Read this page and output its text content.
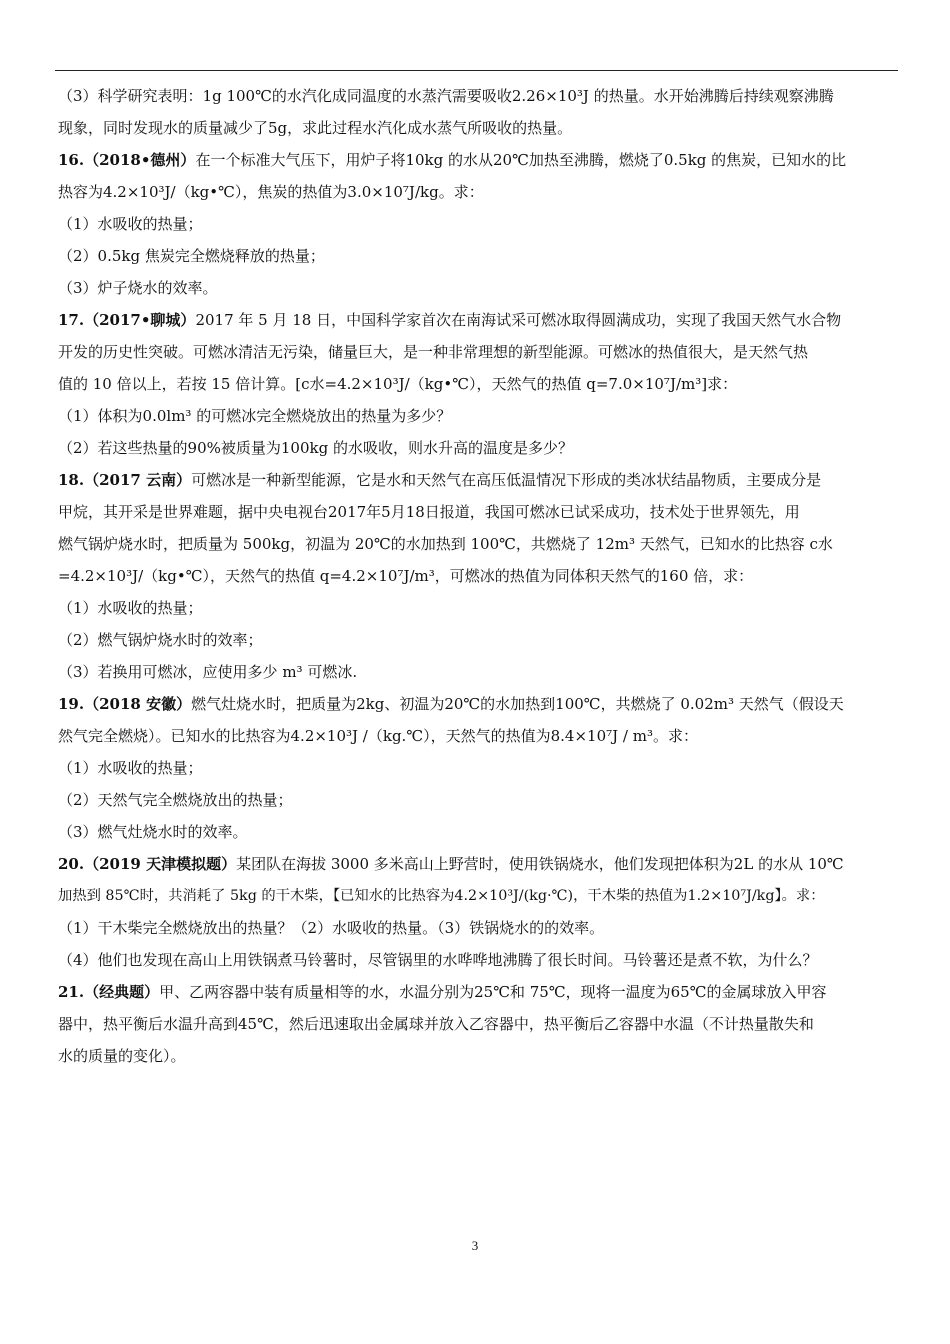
（3）科学研究表明：1g 100℃的水汽化成同温度的水蒸汽需要吸收2.26×10³J 的热量。水开始沸腾后持续观察沸腾
现象，同时发现水的质量减少了5g，求此过程水汽化成水蒸气所吸收的热量。
16.（2018•德州）在一个标准大气压下，用炉子将10kg 的水从20℃加热至沸腾，燃烧了0.5kg 的焦炭，已知水的比
热容为4.2×10³J/（kg•℃），焦炭的热值为3.0×10⁷J/kg。求：
（1）水吸收的热量；
（2）0.5kg 焦炭完全燃烧释放的热量；
（3）炉子烧水的效率。
17.（2017•聊城）2017 年 5 月 18 日，中国科学家首次在南海试采可燃冰取得圆满成功，实现了我国天然气水合物
开发的历史性突破。可燃冰清洁无污染，储量巨大，是一种非常理想的新型能源。可燃冰的热值很大，是天然气热
值的 10 倍以上，若按 15 倍计算。[c水=4.2×10³J/（kg•℃），天然气的热值 q=7.0×10⁷J/m³]求：
（1）体积为0.0lm³ 的可燃冰完全燃烧放出的热量为多少？
（2）若这些热量的90%被质量为100kg 的水吸收，则水升高的温度是多少？
18.（2017 云南）可燃冰是一种新型能源，它是水和天然气在高压低温情况下形成的类冰状结晶物质，主要成分是
甲烷，其开采是世界难题，据中央电视台2017年5月18日报道，我国可燃冰已试采成功，技术处于世界领先，用
燃气锅炉烧水时，把质量为 500kg，初温为 20℃的水加热到 100℃，共燃烧了 12m³ 天然气，已知水的比热容 c水
=4.2×10³J/（kg•℃），天然气的热值 q=4.2×10⁷J/m³，可燃冰的热值为同体积天然气的160 倍，求：
（1）水吸收的热量；
（2）燃气锅炉烧水时的效率；
（3）若换用可燃冰，应使用多少 m³ 可燃冰.
19.（2018 安徽）燃气灶烧水时，把质量为2kg、初温为20℃的水加热到100℃，共燃烧了 0.02m³ 天然气（假设天
然气完全燃烧）。已知水的比热容为4.2×10³J /（kg.℃），天然气的热值为8.4×10⁷J / m³。求：
（1）水吸收的热量；
（2）天然气完全燃烧放出的热量；
（3）燃气灶烧水时的效率。
20.（2019 天津模拟题）某团队在海拔 3000 多米高山上野营时，使用铁锅烧水，他们发现把体积为2L 的水从 10℃
加热到 85℃时，共消耗了 5kg 的干木柴，【已知水的比热容为4.2×10³J/(kg·℃)，干木柴的热值为1.2×10⁷J/kg】。求：
（1）干木柴完全燃烧放出的热量？（2）水吸收的热量。（3）铁锅烧水的的效率。
（4）他们也发现在高山上用铁锅煮马铃薯时，尽管锅里的水哗哗地沸腾了很长时间。马铃薯还是煮不软，为什么？
21.（经典题）甲、乙两容器中装有质量相等的水，水温分别为25℃和 75℃，现将一温度为65℃的金属球放入甲容
器中，热平衡后水温升高到45℃，然后迅速取出金属球并放入乙容器中，热平衡后乙容器中水温（不计热量散失和
水的质量的变化）。
3
